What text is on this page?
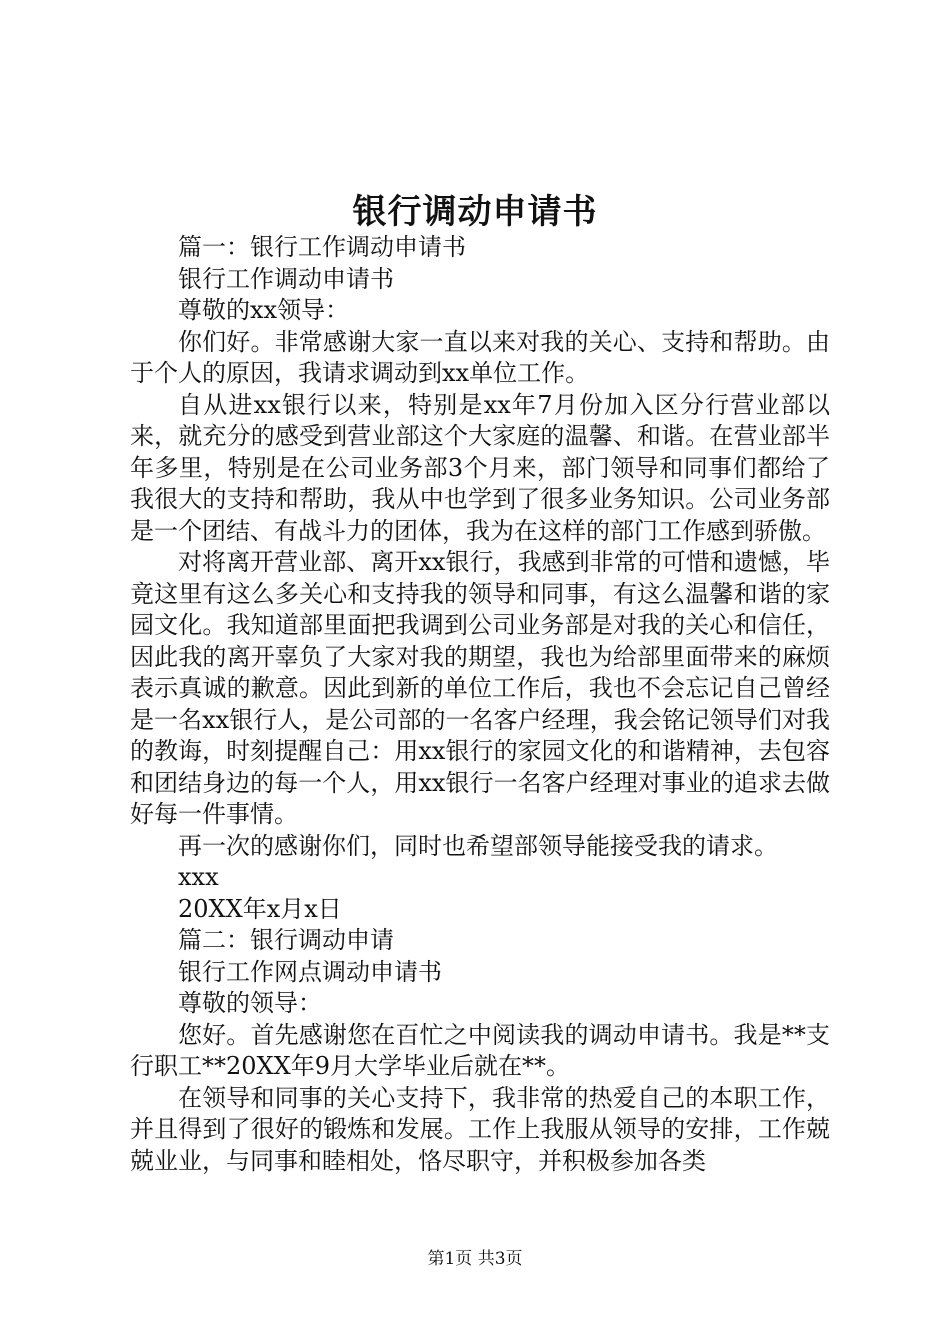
银行调动申请书

篇一：银行工作调动申请书

银行工作调动申请书

尊敬的xx领导：

你们好。非常感谢大家一直以来对我的关心、支持和帮助。由于个人的原因，我请求调动到xx单位工作。

自从进xx银行以来，特别是xx年7月份加入区分行营业部以来，就充分的感受到营业部这个大家庭的温馨、和谐。在营业部半年多里，特别是在公司业务部3个月来，部门领导和同事们都给了我很大的支持和帮助，我从中也学到了很多业务知识。公司业务部是一个团结、有战斗力的团体，我为在这样的部门工作感到骄傲。

对将离开营业部、离开xx银行，我感到非常的可惜和遗憾，毕竟这里有这么多关心和支持我的领导和同事，有这么温馨和谐的家园文化。我知道部里面把我调到公司业务部是对我的关心和信任，因此我的离开辜负了大家对我的期望，我也为给部里面带来的麻烦表示真诚的歉意。因此到新的单位工作后，我也不会忘记自己曾经是一名xx银行人，是公司部的一名客户经理，我会铭记领导们对我的教诲，时刻提醒自己：用xx银行的家园文化的和谐精神，去包容和团结身边的每一个人，用xx银行一名客户经理对事业的追求去做好每一件事情。

再一次的感谢你们，同时也希望部领导能接受我的请求。

xxx

20XX年x月x日

篇二：银行调动申请

银行工作网点调动申请书

尊敬的领导：

您好。首先感谢您在百忙之中阅读我的调动申请书。我是**支行职工**20XX年9月大学毕业后就在**。

在领导和同事的关心支持下，我非常的热爱自己的本职工作，并且得到了很好的锻炼和发展。工作上我服从领导的安排，工作兢兢业业，与同事和睦相处，恪尽职守，并积极参加各类

第1页 共3页
